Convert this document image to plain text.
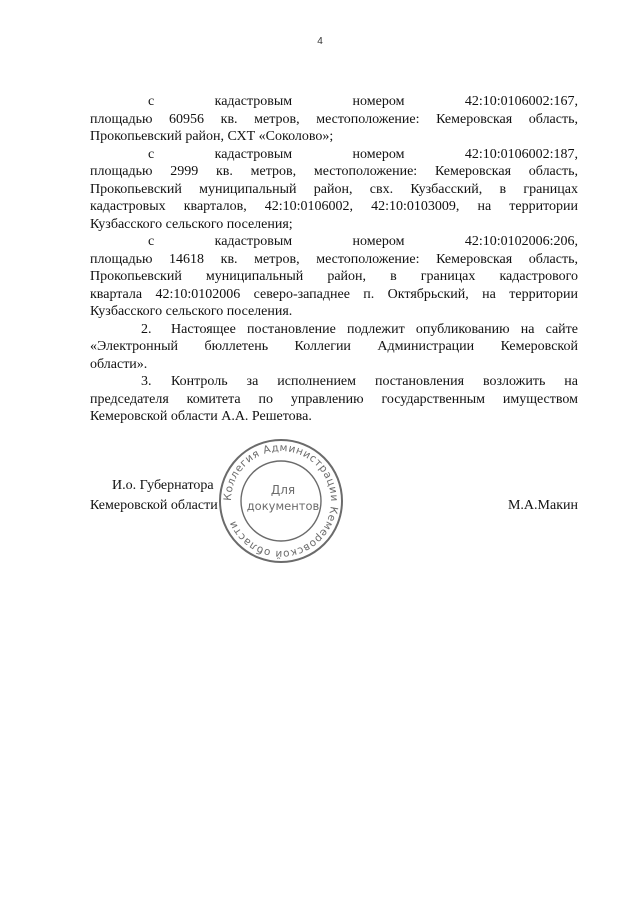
4
с	кадастровым	номером	42:10:0106002:167,
площадью 60956 кв. метров, местоположение: Кемеровская область,
Прокопьевский район, СХТ «Соколово»;
с	кадастровым	номером	42:10:0106002:187,
площадью 2999 кв. метров, местоположение: Кемеровская область,
Прокопьевский муниципальный район, свх. Кузбасский, в границах
кадастровых кварталов, 42:10:0106002, 42:10:0103009, на территории
Кузбасского сельского поселения;
с	кадастровым	номером	42:10:0102006:206,
площадью 14618 кв. метров, местоположение: Кемеровская область,
Прокопьевский муниципальный район, в границах кадастрового
квартала 42:10:0102006 северо-западнее п. Октябрьский, на территории
Кузбасского сельского поселения.
2.	Настоящее постановление подлежит опубликованию на сайте
«Электронный бюллетень Коллегии Администрации Кемеровской
области».
3.	Контроль за исполнением постановления возложить на
председателя комитета по управлению государственным имуществом
Кемеровской области А.А. Решетова.
И.о. Губернатора
Кемеровской области	М.А.Макин
Коллегия Администрации Кемеровской области
Для
документов
